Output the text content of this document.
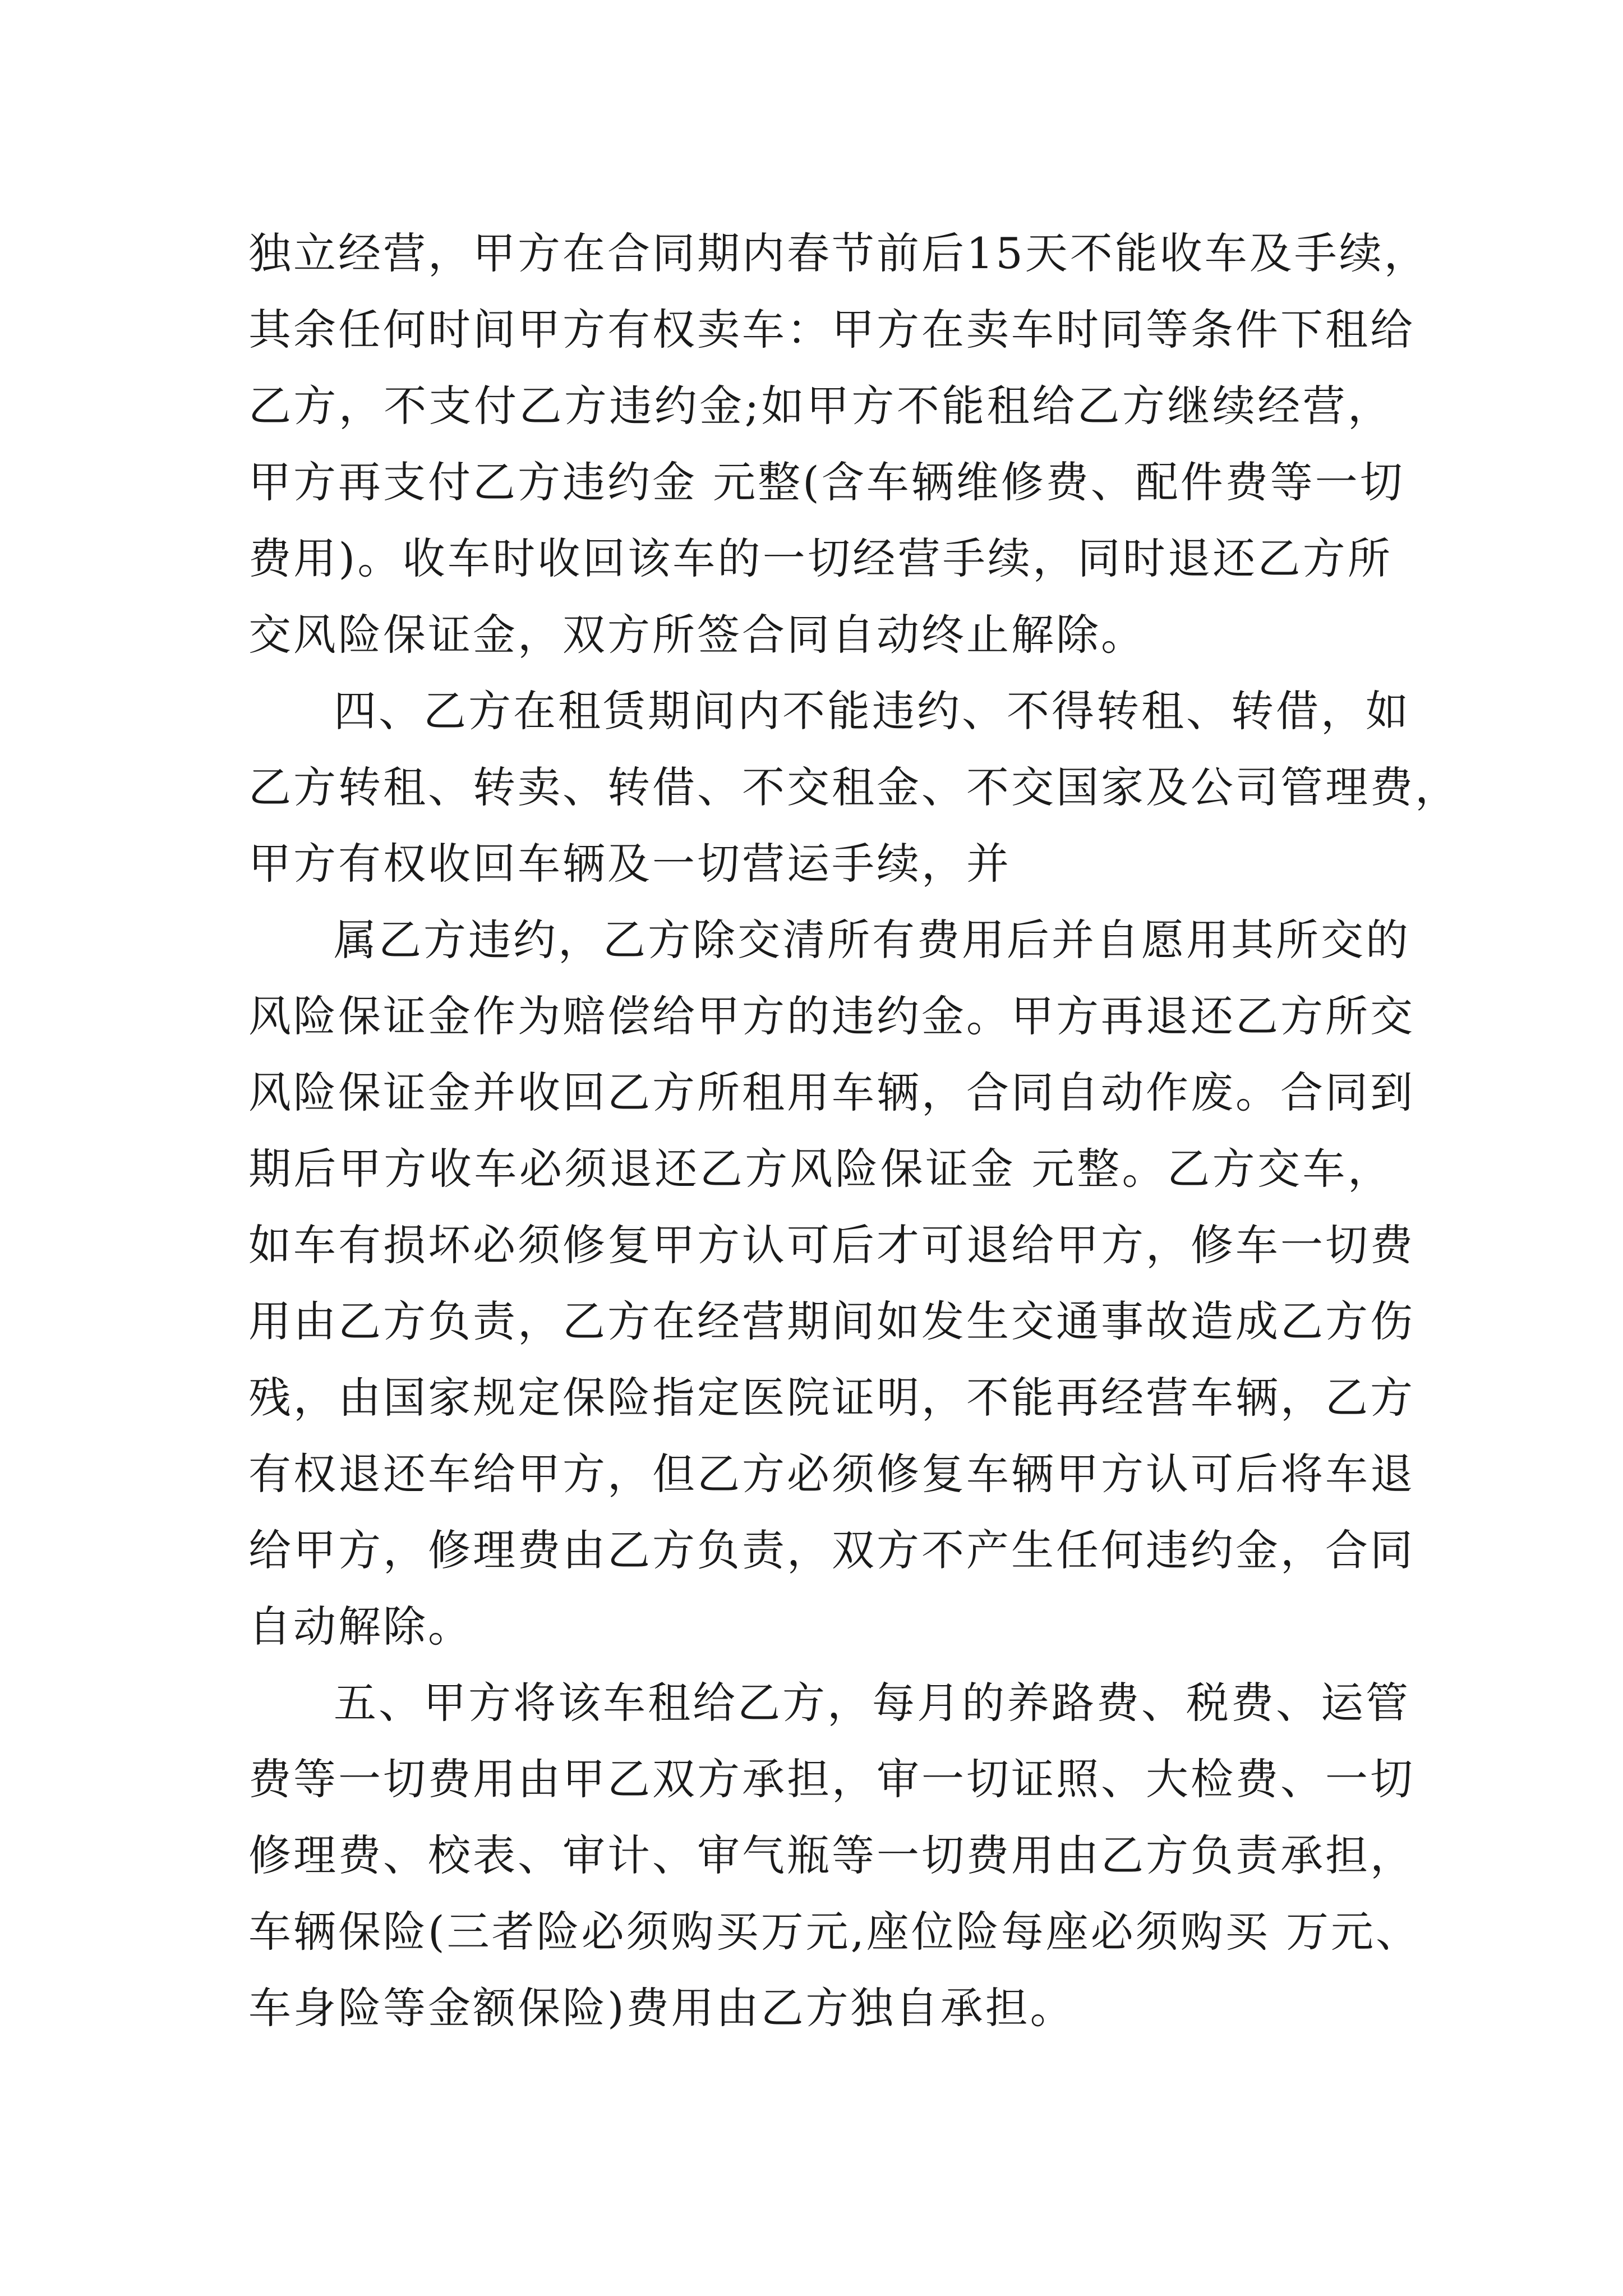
独立经营，甲方在合同期内春节前后15天不能收车及手续，
其余任何时间甲方有权卖车：甲方在卖车时同等条件下租给
乙方，不支付乙方违约金;如甲方不能租给乙方继续经营，
甲方再支付乙方违约金 元整(含车辆维修费、配件费等一切
费用)。收车时收回该车的一切经营手续，同时退还乙方所
交风险保证金，双方所签合同自动终止解除。

四、乙方在租赁期间内不能违约、不得转租、转借，如
乙方转租、转卖、转借、不交租金、不交国家及公司管理费，
甲方有权收回车辆及一切营运手续，并

属乙方违约，乙方除交清所有费用后并自愿用其所交的
风险保证金作为赔偿给甲方的违约金。甲方再退还乙方所交
风险保证金并收回乙方所租用车辆，合同自动作废。合同到
期后甲方收车必须退还乙方风险保证金 元整。乙方交车，
如车有损坏必须修复甲方认可后才可退给甲方，修车一切费
用由乙方负责，乙方在经营期间如发生交通事故造成乙方伤
残，由国家规定保险指定医院证明，不能再经营车辆，乙方
有权退还车给甲方，但乙方必须修复车辆甲方认可后将车退
给甲方，修理费由乙方负责，双方不产生任何违约金，合同
自动解除。

五、甲方将该车租给乙方，每月的养路费、税费、运管
费等一切费用由甲乙双方承担，审一切证照、大检费、一切
修理费、校表、审计、审气瓶等一切费用由乙方负责承担，
车辆保险(三者险必须购买万元,座位险每座必须购买 万元、
车身险等金额保险)费用由乙方独自承担。
